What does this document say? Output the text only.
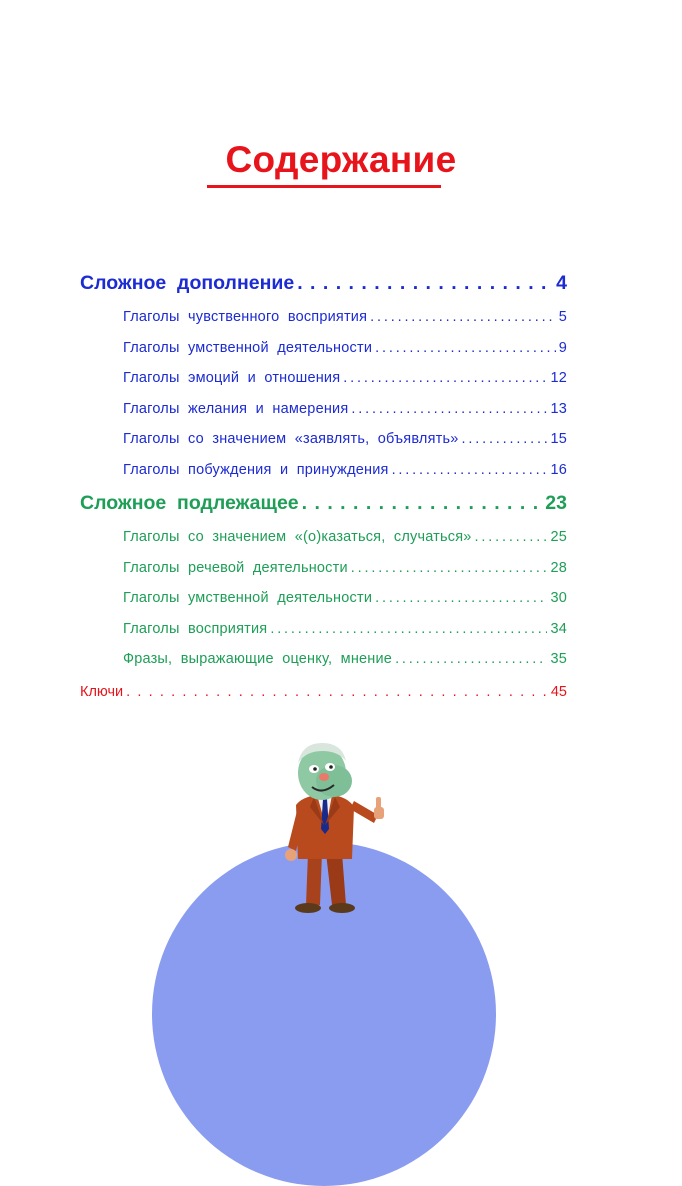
Содержание
Сложное  дополнение . . .	4
Глаголы  чувственного  восприятия . . .	5
Глаголы  умственной  деятельности . . .	9
Глаголы  эмоций  и  отношения . . .	12
Глаголы  желания  и  намерения . . .	13
Глаголы  со  значением  «заявлять,  объявлять» . . .	15
Глаголы  побуждения  и  принуждения . . .	16
Сложное  подлежащее . . .	23
Глаголы  со  значением  «(о)казаться,  случаться» . . .	25
Глаголы  речевой  деятельности . . .	28
Глаголы  умственной  деятельности . . .	30
Глаголы  восприятия . . .	34
Фразы,  выражающие  оценку,  мнение . . .	35
Ключи . . .	45
